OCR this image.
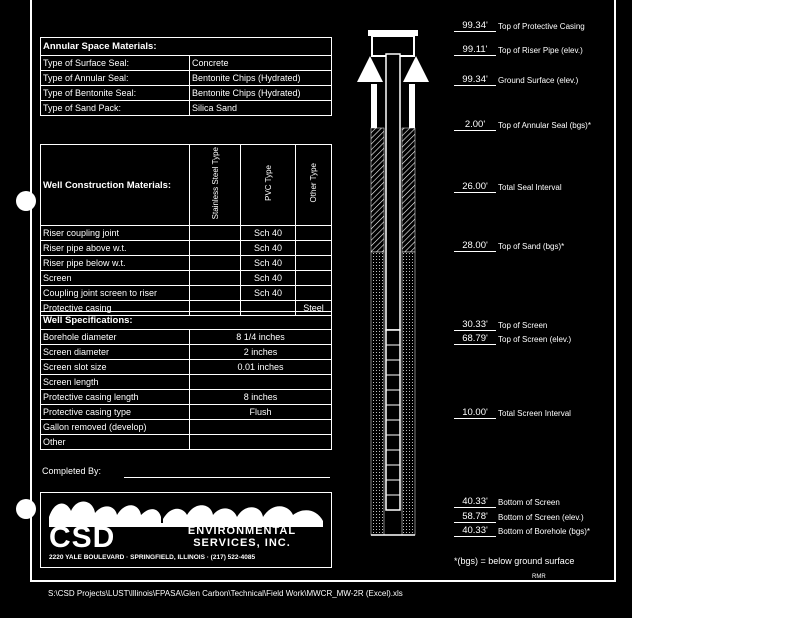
Annular Space Materials:	
Type of Surface Seal:	Concrete
Type of Annular Seal:	Bentonite Chips (Hydrated)
Type of Bentonite Seal:	Bentonite Chips (Hydrated)
Type of Sand Pack:	Silica Sand
Well Construction Materials:	Stainless Steel Type	PVC Type	Other Type
Riser coupling joint		Sch 40	
Riser pipe above w.t.		Sch 40	
Riser pipe below w.t.		Sch 40	
Screen		Sch 40	
Coupling joint screen to riser		Sch 40	
Protective casing			Steel
Well Specifications:	
Borehole diameter	8 1/4 inches
Screen diameter	2 inches
Screen slot size	0.01 inches
Screen length	
Protective casing length	8 inches
Protective casing type	Flush
Gallon removed (develop)	
Other	
Completed By:
CSD	ENVIRONMENTAL SERVICES, INC.
2220 YALE BOULEVARD · SPRINGFIELD, ILLINOIS · (217) 522-4085
99.34'	Top of Protective Casing
99.11'	Top of Riser Pipe (elev.)
99.34'	Ground Surface (elev.)
2.00'	Top of Annular Seal (bgs)*
26.00'	Total Seal Interval
28.00'	Top of Sand (bgs)*
30.33'	Top of Screen
68.79'	Top of Screen (elev.)
10.00'	Total Screen Interval
40.33'	Bottom of Screen
58.78'	Bottom of Screen (elev.)
40.33'	Bottom of Borehole (bgs)*
*(bgs) = below ground surface
RMR
S:\CSD Projects\LUST\Illinois\FPASA\Glen Carbon\Technical\Field Work\MWCR_MW-2R (Excel).xls
